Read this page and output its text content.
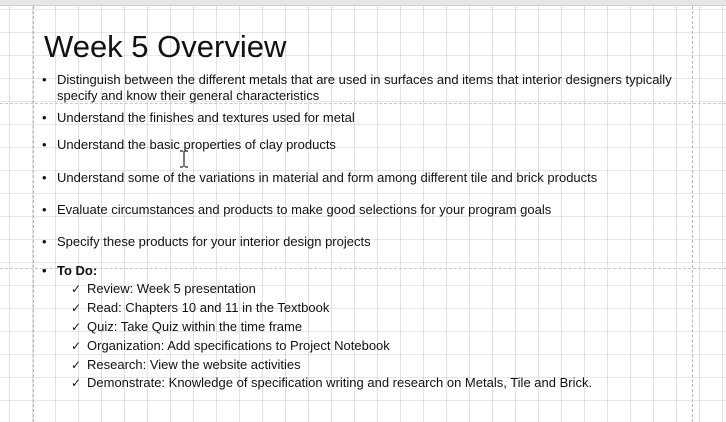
Week 5 Overview
• Distinguish between the different metals that are used in surfaces and items that interior designers typically specify and know their general characteristics
• Understand the finishes and textures used for metal
• Understand the basic properties of clay products
• Understand some of the variations in material and form among different tile and brick products
• Evaluate circumstances and products to make good selections for your program goals
• Specify these products for your interior design projects
• To Do:
✓ Review: Week 5 presentation
✓ Read: Chapters 10 and 11 in the Textbook
✓ Quiz: Take Quiz within the time frame
✓ Organization: Add specifications to Project Notebook
✓ Research: View the website activities
✓ Demonstrate: Knowledge of specification writing and research on Metals, Tile and Brick.
